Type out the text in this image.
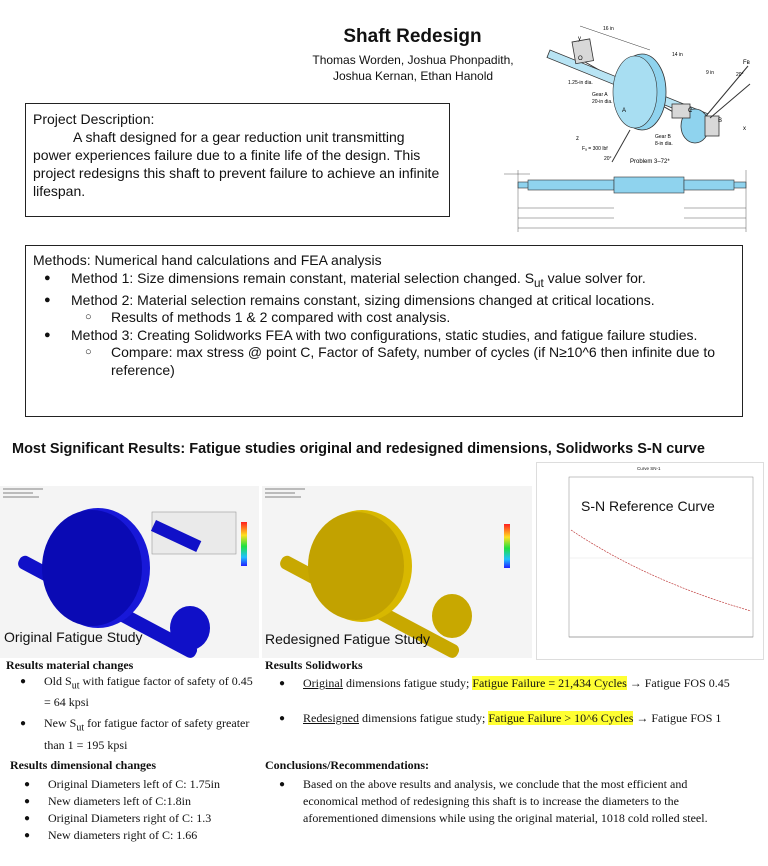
Shaft Redesign
Thomas Worden, Joshua Phonpadith,
Joshua Kernan, Ethan Hanold
Project Description:
A shaft designed for a gear reduction unit transmitting power experiences failure due to a finite life of the design. This project redesigns this shaft to prevent failure to achieve an infinite lifespan.
16 in
14 in
9 in
O
A	C
B
y
Fʙ
x
20°
1.25-in dia.
Gear A
20-in dia.
Gear B
8-in dia.
Fₐ = 300 lbf
20°
z
Problem 3–72*
Methods: Numerical hand calculations and FEA analysis
● Method 1: Size dimensions remain constant, material selection changed. $S_{ut}$ value solver for.
● Method 2: Material selection remains constant, sizing dimensions changed at critical locations.
○ Results of methods 1 & 2 compared with cost analysis.
● Method 3: Creating Solidworks FEA with two configurations, static studies, and fatigue failure studies.
○ Compare: max stress @ point C, Factor of Safety, number of cycles (if N≥10^6 then infinite due to reference)
Most Significant Results: Fatigue studies original and redesigned dimensions, Solidworks S-N curve
Original Fatigue Study	Redesigned Fatigue Study
Curve SN-1
S-N Reference Curve
Results material changes
● Old $S_{ut}$ with fatigue factor of safety of 0.45 = 64 kpsi
● New $S_{ut}$ for fatigue factor of safety greater than 1 = 195 kpsi
Results dimensional changes
● Original Diameters left of C: 1.75in
● New diameters left of C:1.8in
● Original Diameters right of C: 1.3
● New diameters right of C: 1.66
Results Solidworks
● Original dimensions fatigue study; Fatigue Failure = 21,434 Cycles → Fatigue FOS 0.45
● Redesigned dimensions fatigue study; Fatigue Failure > 10^6 Cycles → Fatigue FOS 1
Conclusions/Recommendations:
● Based on the above results and analysis, we conclude that the most efficient and economical method of redesigning this shaft is to increase the diameters to the aforementioned dimensions while using the original material, 1018 cold rolled steel.
